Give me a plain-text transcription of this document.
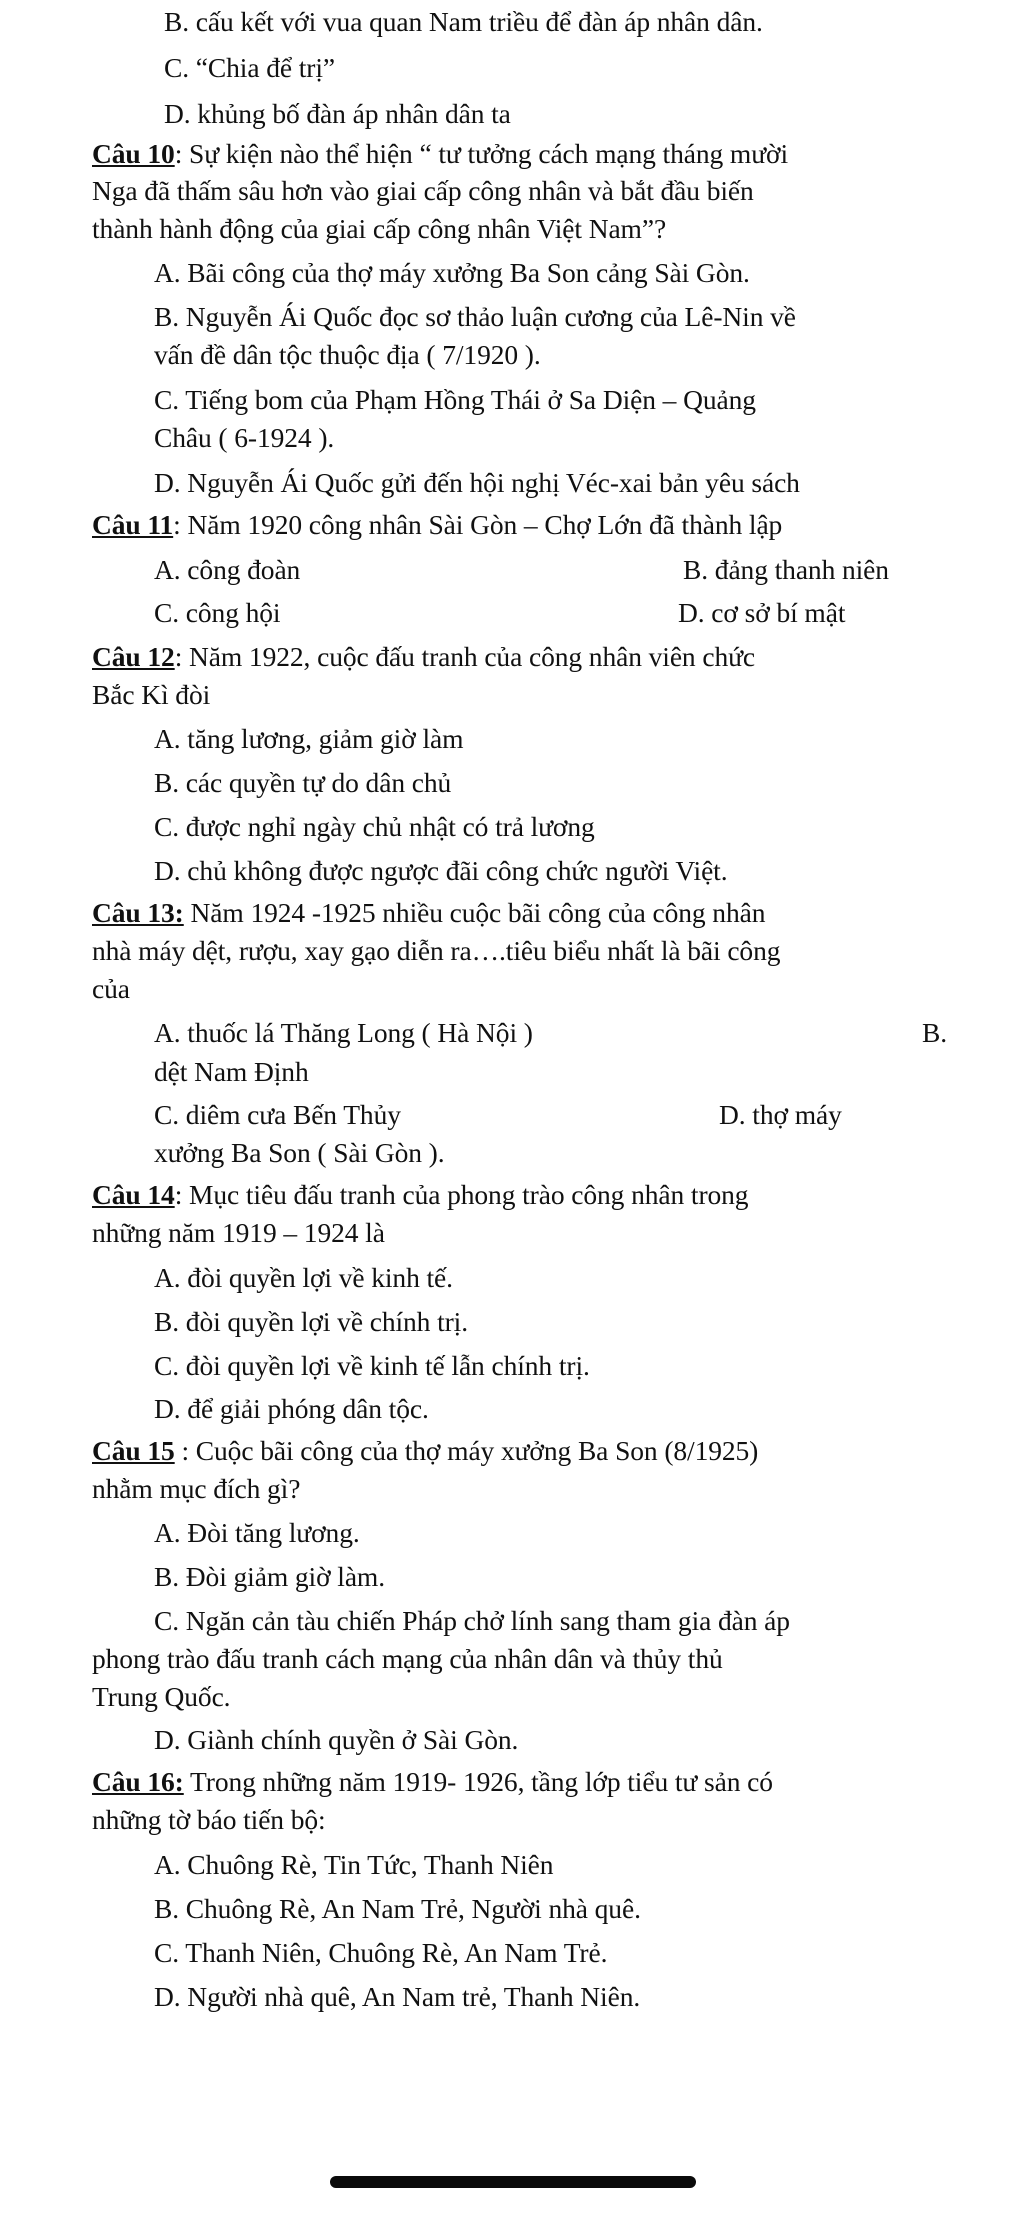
B. cấu kết với vua quan Nam triều để đàn áp nhân dân.

C. “Chia để trị”

D. khủng bố đàn áp nhân dân ta

Câu 10: Sự kiện nào thể hiện “ tư tưởng cách mạng tháng mười

Nga đã thấm sâu hơn vào giai cấp công nhân và bắt đầu biến

thành hành động của giai cấp công nhân Việt Nam”?

A. Bãi công của thợ máy xưởng Ba Son cảng Sài Gòn.

B. Nguyễn Ái Quốc đọc sơ thảo luận cương của Lê-Nin về

vấn đề dân tộc thuộc địa ( 7/1920 ).

C. Tiếng bom của Phạm Hồng Thái ở Sa Diện – Quảng

Châu ( 6-1924 ).

D. Nguyễn Ái Quốc gửi đến hội nghị Véc-xai bản yêu sách

Câu 11: Năm 1920 công nhân Sài Gòn – Chợ Lớn đã thành lập

A. công đoàn	B. đảng thanh niên

C. công hội	D. cơ sở bí mật

Câu 12: Năm 1922, cuộc đấu tranh của công nhân viên chức

Bắc Kì đòi

A. tăng lương, giảm giờ làm

B. các quyền tự do dân chủ

C. được nghỉ ngày chủ nhật có trả lương

D. chủ không được ngược đãi công chức người Việt.

Câu 13: Năm 1924 -1925 nhiều cuộc bãi công của công nhân

nhà máy dệt, rượu, xay gạo diễn ra….tiêu biểu nhất là bãi công

của

A. thuốc lá Thăng Long ( Hà Nội )	B.

dệt Nam Định

C. diêm cưa Bến Thủy	D. thợ máy

xưởng Ba Son ( Sài Gòn ).

Câu 14: Mục tiêu đấu tranh của phong trào công nhân trong

những năm 1919 – 1924 là

A. đòi quyền lợi về kinh tế.

B. đòi quyền lợi về chính trị.

C. đòi quyền lợi về kinh tế lẫn chính trị.

D. để giải phóng dân tộc.

Câu 15 : Cuộc bãi công của thợ máy xưởng Ba Son (8/1925)

nhằm mục đích gì?

A. Đòi tăng lương.

B. Đòi giảm giờ làm.

C. Ngăn cản tàu chiến Pháp chở lính sang tham gia đàn áp

phong trào đấu tranh cách mạng của nhân dân và thủy thủ

Trung Quốc.

D. Giành chính quyền ở Sài Gòn.

Câu 16: Trong những năm 1919- 1926, tầng lớp tiểu tư sản có

những tờ báo tiến bộ:

A. Chuông Rè, Tin Tức, Thanh Niên

B. Chuông Rè, An Nam Trẻ, Người nhà quê.

C. Thanh Niên, Chuông Rè, An Nam Trẻ.

D. Người nhà quê, An Nam trẻ, Thanh Niên.
